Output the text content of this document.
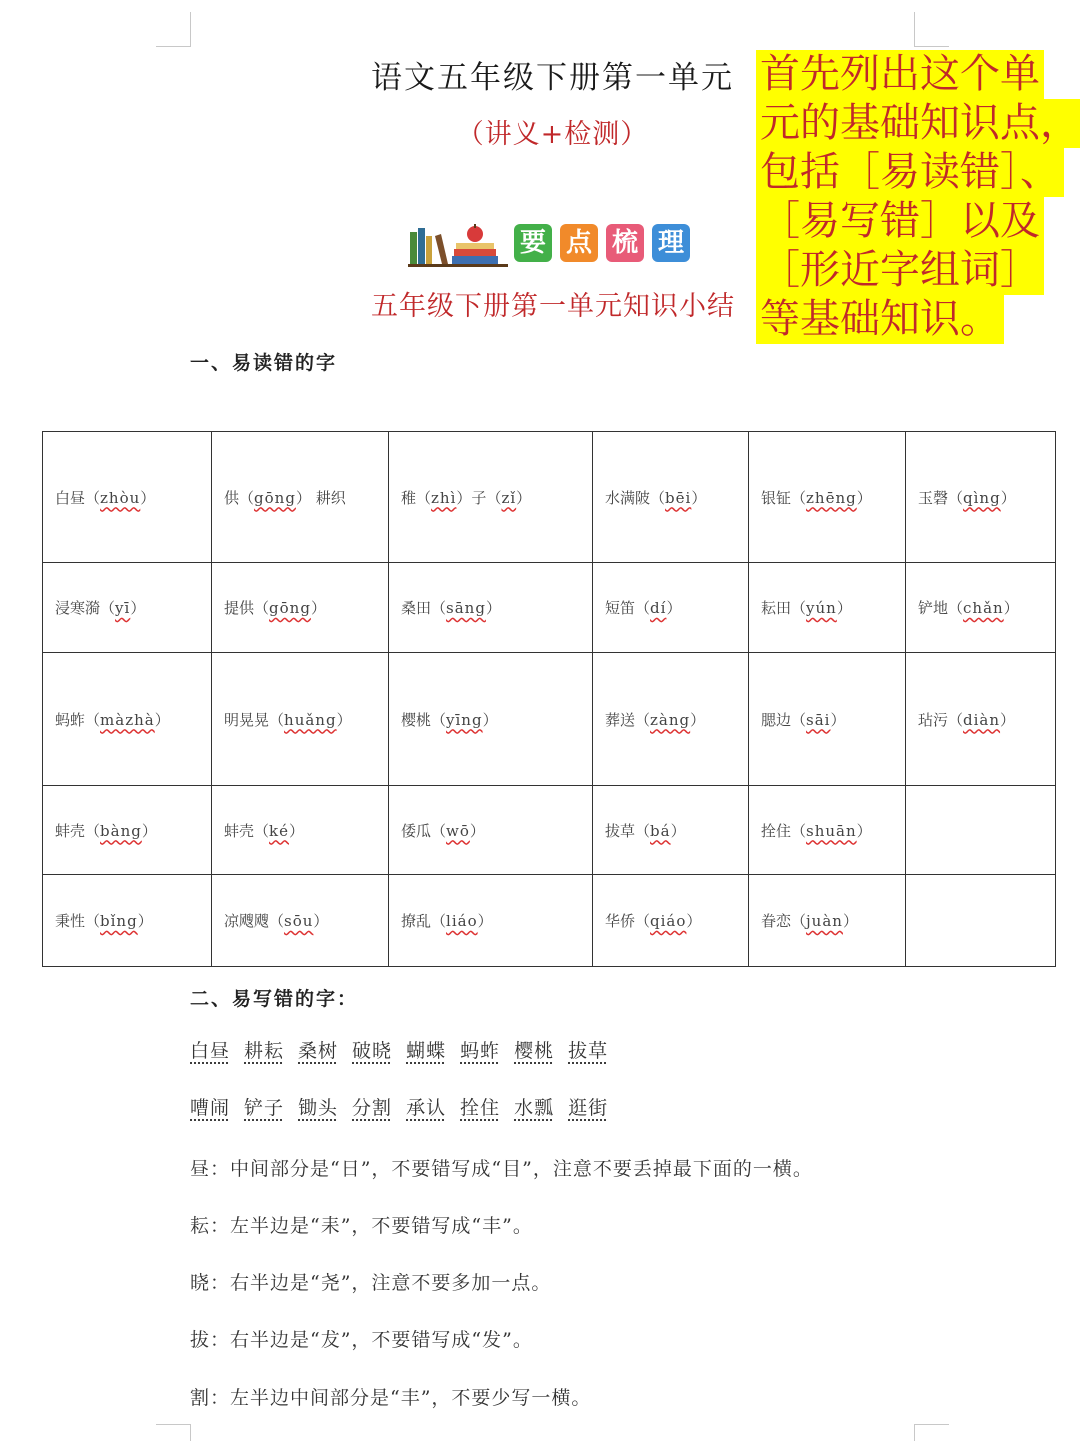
语文五年级下册第一单元
（讲义+检测）
首先列出这个单
元的基础知识点，
包括［易读错］、
［易写错］以及
［形近字组词］
等基础知识。
要 点 梳 理
五年级下册第一单元知识小结
一、易读错的字
白昼（zhòu）	供（gōng） 耕织	稚（zhì）子（zǐ）	水满陂（bēi）	银钲（zhēng）	玉磬（qìng）
浸寒漪（yī）	提供（gōng）	桑田（sāng）	短笛（dí）	耘田（yún）	铲地（chǎn）
蚂蚱（màzhà）	明晃晃（huǎng）	樱桃（yīng）	葬送（zàng）	腮边（sāi）	玷污（diàn）
蚌壳（bàng）	蚌壳（ké）	倭瓜（wō）	拔草（bá）	拴住（shuān）	
秉性（bǐng）	凉飕飕（sōu）	撩乱（liáo）	华侨（qiáo）	眷恋（juàn）	
二、易写错的字：
白昼 耕耘 桑树 破晓 蝴蝶 蚂蚱 樱桃 拔草
嘈闹 铲子 锄头 分割 承认 拴住 水瓢 逛街
昼：中间部分是“日”，不要错写成“目”，注意不要丢掉最下面的一横。
耘：左半边是“耒”，不要错写成“丰”。
晓：右半边是“尧”，注意不要多加一点。
拔：右半边是“犮”，不要错写成“发”。
割：左半边中间部分是“丰”，不要少写一横。
